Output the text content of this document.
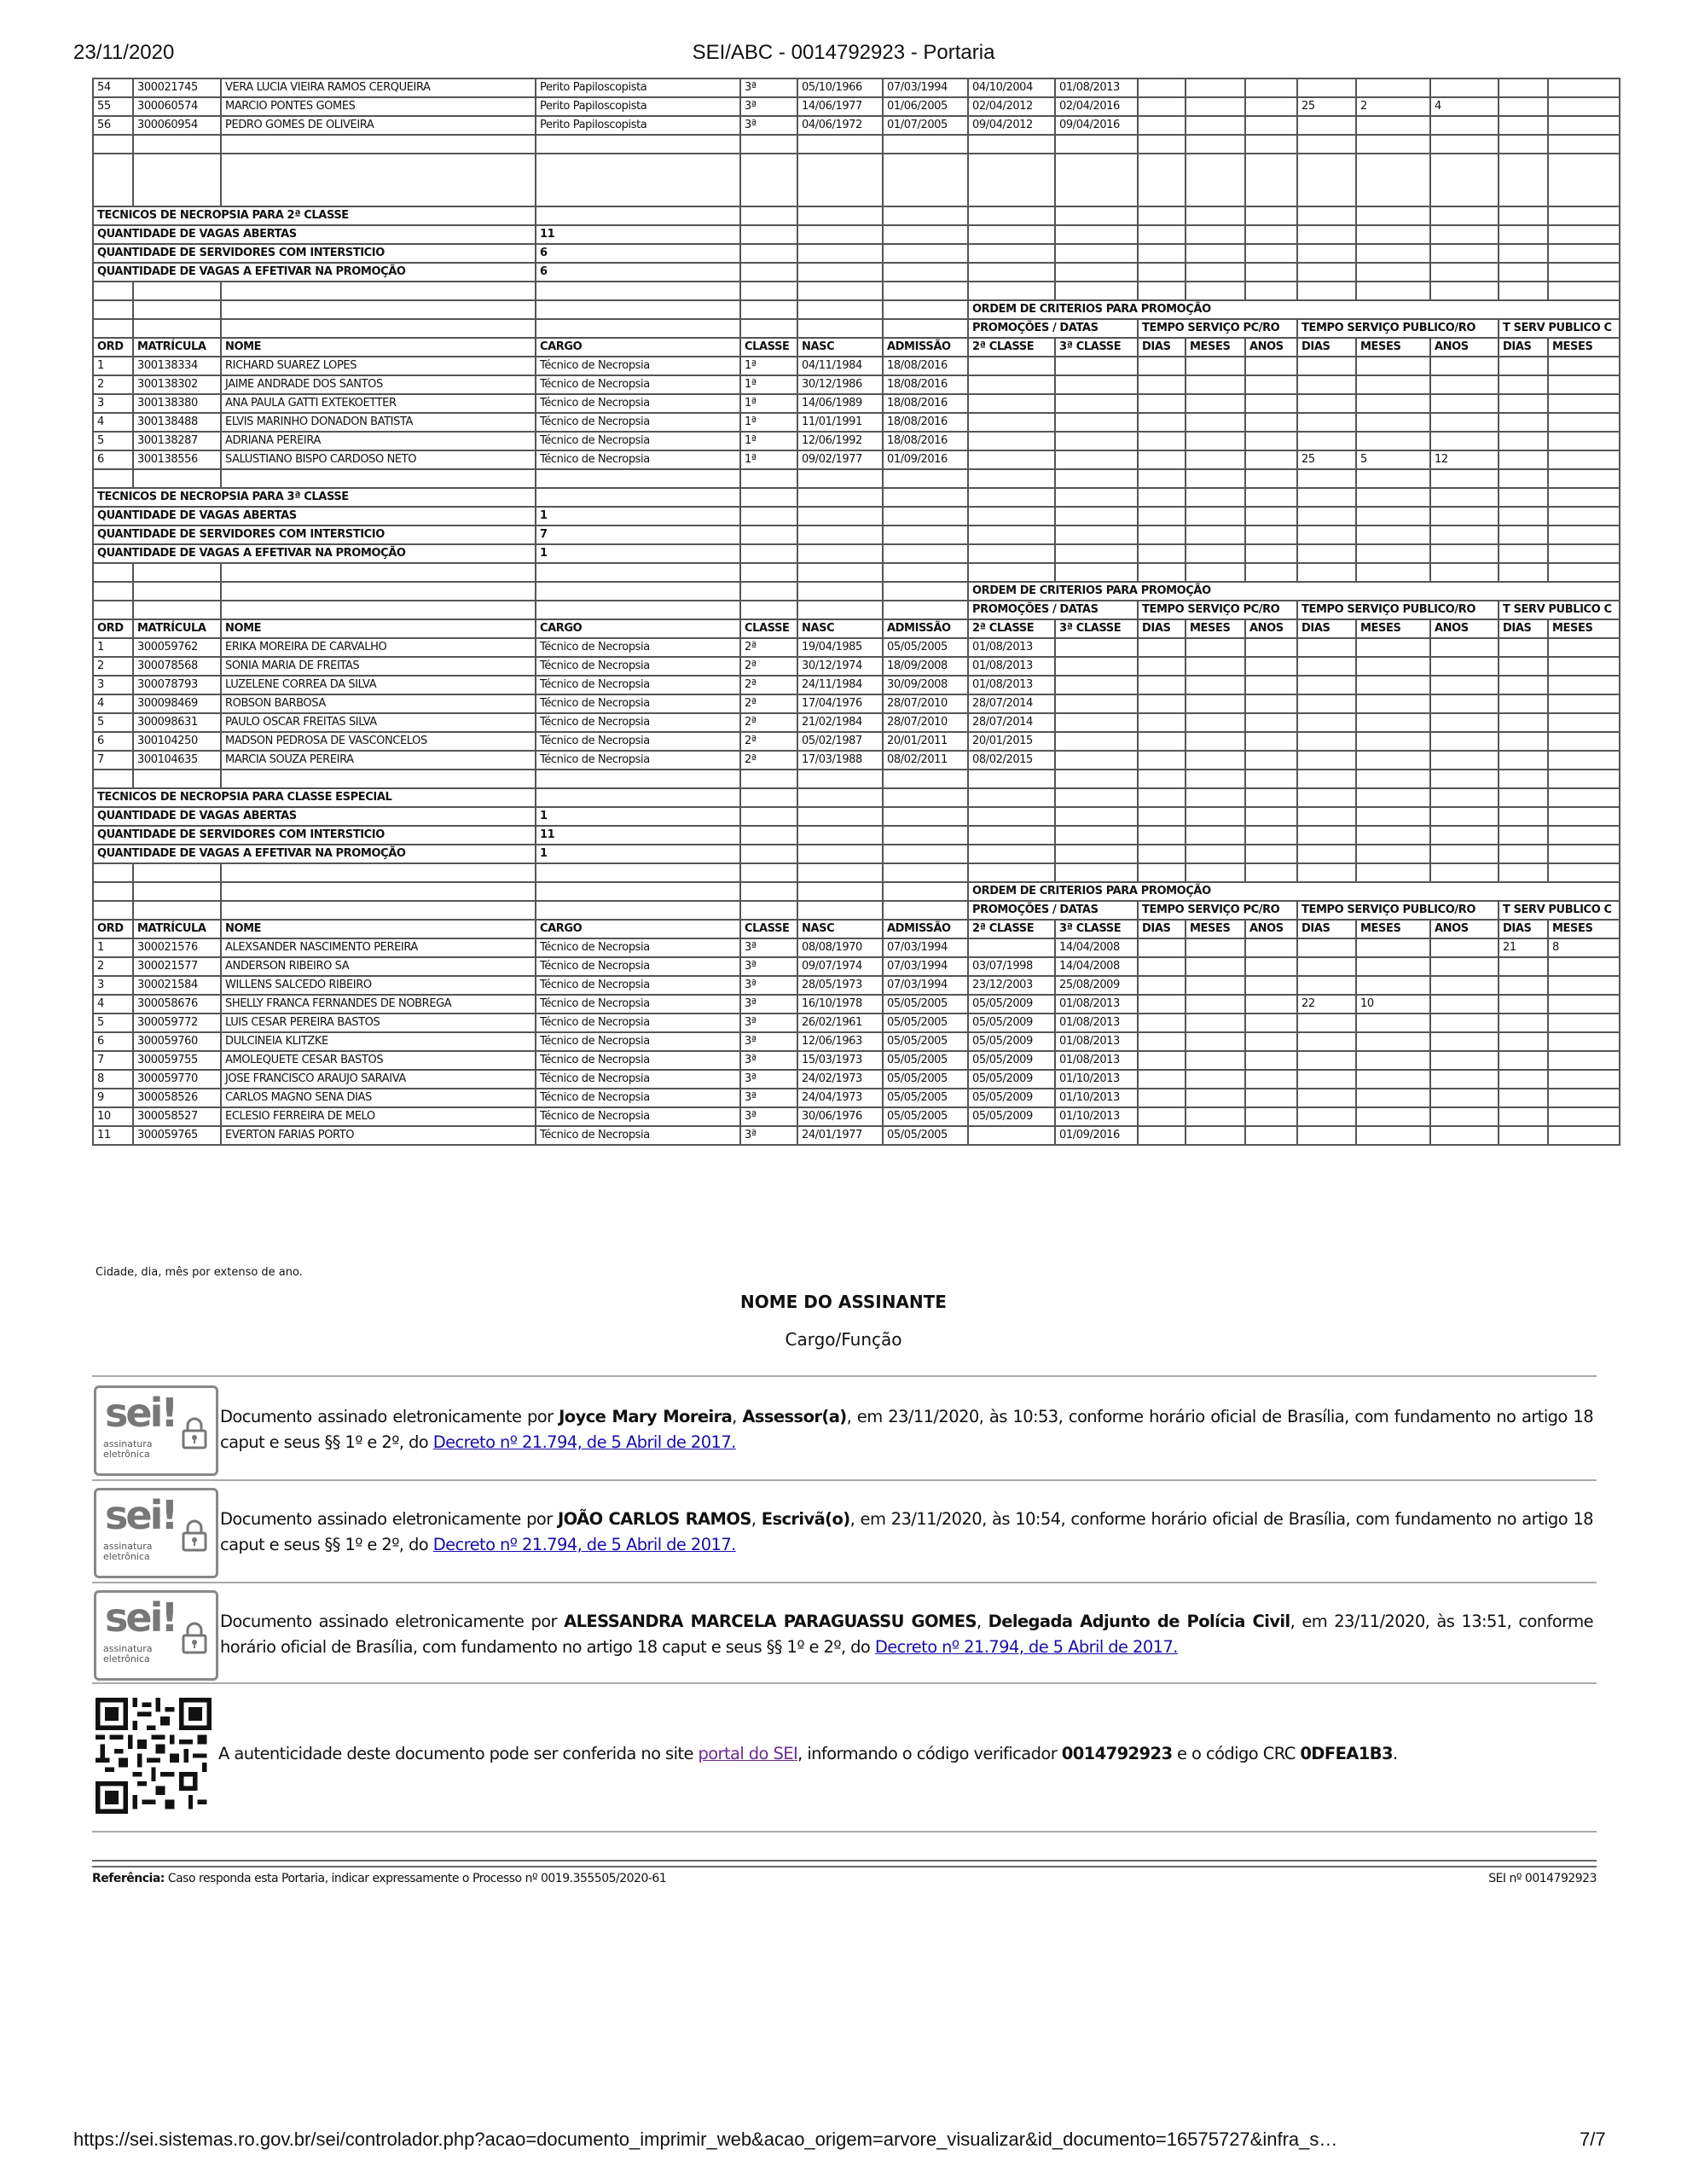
23/11/2020	SEI/ABC - 0014792923 - Portaria
54	300021745	VERA LUCIA VIEIRA RAMOS CERQUEIRA	Perito Papiloscopista	3ª	05/10/1966	07/03/1994	04/10/2004	01/08/2013								
55	300060574	MARCIO PONTES GOMES	Perito Papiloscopista	3ª	14/06/1977	01/06/2005	02/04/2012	02/04/2016				25	2	4		
56	300060954	PEDRO GOMES DE OLIVEIRA	Perito Papiloscopista	3ª	04/06/1972	01/07/2005	09/04/2012	09/04/2016								

TECNICOS DE NECROPSIA PARA 2ª CLASSE																
QUANTIDADE DE VAGAS ABERTAS			11													
QUANTIDADE DE SERVIDORES COM INTERSTICIO			6													
QUANTIDADE DE VAGAS A EFETIVAR NA PROMOÇÃO			6													

							ORDEM DE CRITERIOS PARA PROMOÇÃO									
							PROMOÇÕES / DATAS		TEMPO SERVIÇO PC/RO			TEMPO SERVIÇO PUBLICO/RO			T SERV PUBLICO C	
ORD	MATRÍCULA	NOME	CARGO	CLASSE	NASC	ADMISSÃO	2ª CLASSE	3ª CLASSE	DIAS	MESES	ANOS	DIAS	MESES	ANOS	DIAS	MESES
1	300138334	RICHARD SUAREZ LOPES	Técnico de Necropsia	1ª	04/11/1984	18/08/2016										
2	300138302	JAIME ANDRADE DOS SANTOS	Técnico de Necropsia	1ª	30/12/1986	18/08/2016										
3	300138380	ANA PAULA GATTI EXTEKOETTER	Técnico de Necropsia	1ª	14/06/1989	18/08/2016										
4	300138488	ELVIS MARINHO DONADON BATISTA	Técnico de Necropsia	1ª	11/01/1991	18/08/2016										
5	300138287	ADRIANA PEREIRA	Técnico de Necropsia	1ª	12/06/1992	18/08/2016										
6	300138556	SALUSTIANO BISPO CARDOSO NETO	Técnico de Necropsia	1ª	09/02/1977	01/09/2016						25	5	12		

TECNICOS DE NECROPSIA PARA 3ª CLASSE																
QUANTIDADE DE VAGAS ABERTAS			1													
QUANTIDADE DE SERVIDORES COM INTERSTICIO			7													
QUANTIDADE DE VAGAS A EFETIVAR NA PROMOÇÃO			1													

							ORDEM DE CRITERIOS PARA PROMOÇÃO									
							PROMOÇÕES / DATAS		TEMPO SERVIÇO PC/RO			TEMPO SERVIÇO PUBLICO/RO			T SERV PUBLICO C	
ORD	MATRÍCULA	NOME	CARGO	CLASSE	NASC	ADMISSÃO	2ª CLASSE	3ª CLASSE	DIAS	MESES	ANOS	DIAS	MESES	ANOS	DIAS	MESES
1	300059762	ERIKA MOREIRA DE CARVALHO	Técnico de Necropsia	2ª	19/04/1985	05/05/2005	01/08/2013									
2	300078568	SONIA MARIA DE FREITAS	Técnico de Necropsia	2ª	30/12/1974	18/09/2008	01/08/2013									
3	300078793	LUZELENE CORREA DA SILVA	Técnico de Necropsia	2ª	24/11/1984	30/09/2008	01/08/2013									
4	300098469	ROBSON BARBOSA	Técnico de Necropsia	2ª	17/04/1976	28/07/2010	28/07/2014									
5	300098631	PAULO OSCAR FREITAS SILVA	Técnico de Necropsia	2ª	21/02/1984	28/07/2010	28/07/2014									
6	300104250	MADSON PEDROSA DE VASCONCELOS	Técnico de Necropsia	2ª	05/02/1987	20/01/2011	20/01/2015									
7	300104635	MARCIA SOUZA PEREIRA	Técnico de Necropsia	2ª	17/03/1988	08/02/2011	08/02/2015									

TECNICOS DE NECROPSIA PARA CLASSE ESPECIAL																
QUANTIDADE DE VAGAS ABERTAS			1													
QUANTIDADE DE SERVIDORES COM INTERSTICIO			11													
QUANTIDADE DE VAGAS A EFETIVAR NA PROMOÇÃO			1													

							ORDEM DE CRITERIOS PARA PROMOÇÃO									
							PROMOÇÕES / DATAS		TEMPO SERVIÇO PC/RO			TEMPO SERVIÇO PUBLICO/RO			T SERV PUBLICO C	
ORD	MATRÍCULA	NOME	CARGO	CLASSE	NASC	ADMISSÃO	2ª CLASSE	3ª CLASSE	DIAS	MESES	ANOS	DIAS	MESES	ANOS	DIAS	MESES
1	300021576	ALEXSANDER NASCIMENTO PEREIRA	Técnico de Necropsia	3ª	08/08/1970	07/03/1994		14/04/2008							21	8
2	300021577	ANDERSON RIBEIRO SA	Técnico de Necropsia	3ª	09/07/1974	07/03/1994	03/07/1998	14/04/2008								
3	300021584	WILLENS SALCEDO RIBEIRO	Técnico de Necropsia	3ª	28/05/1973	07/03/1994	23/12/2003	25/08/2009								
4	300058676	SHELLY FRANCA FERNANDES DE NOBREGA	Técnico de Necropsia	3ª	16/10/1978	05/05/2005	05/05/2009	01/08/2013				22	10			
5	300059772	LUIS CESAR PEREIRA BASTOS	Técnico de Necropsia	3ª	26/02/1961	05/05/2005	05/05/2009	01/08/2013								
6	300059760	DULCINEIA KLITZKE	Técnico de Necropsia	3ª	12/06/1963	05/05/2005	05/05/2009	01/08/2013								
7	300059755	AMOLEQUETE CESAR BASTOS	Técnico de Necropsia	3ª	15/03/1973	05/05/2005	05/05/2009	01/08/2013								
8	300059770	JOSE FRANCISCO ARAUJO SARAIVA	Técnico de Necropsia	3ª	24/02/1973	05/05/2005	05/05/2009	01/10/2013								
9	300058526	CARLOS MAGNO SENA DIAS	Técnico de Necropsia	3ª	24/04/1973	05/05/2005	05/05/2009	01/10/2013								
10	300058527	ECLESIO FERREIRA DE MELO	Técnico de Necropsia	3ª	30/06/1976	05/05/2005	05/05/2009	01/10/2013								
11	300059765	EVERTON FARIAS PORTO	Técnico de Necropsia	3ª	24/01/1977	05/05/2005		01/09/2016								
Cidade, dia, mês por extenso de ano.
NOME DO ASSINANTE
Cargo/Função
sei!
assinatura
eletrônica
Documento assinado eletronicamente por Joyce Mary Moreira, Assessor(a), em 23/11/2020, às 10:53, conforme horário oficial de Brasília, com fundamento no artigo 18 caput e seus §§ 1º e 2º, do Decreto nº 21.794, de 5 Abril de 2017.
sei!
assinatura
eletrônica
Documento assinado eletronicamente por JOÃO CARLOS RAMOS, Escrivã(o), em 23/11/2020, às 10:54, conforme horário oficial de Brasília, com fundamento no artigo 18 caput e seus §§ 1º e 2º, do Decreto nº 21.794, de 5 Abril de 2017.
sei!
assinatura
eletrônica
Documento assinado eletronicamente por ALESSANDRA MARCELA PARAGUASSU GOMES, Delegada Adjunto de Polícia Civil, em 23/11/2020, às 13:51, conforme horário oficial de Brasília, com fundamento no artigo 18 caput e seus §§ 1º e 2º, do Decreto nº 21.794, de 5 Abril de 2017.
A autenticidade deste documento pode ser conferida no site portal do SEI, informando o código verificador 0014792923 e o código CRC 0DFEA1B3.
Referência: Caso responda esta Portaria, indicar expressamente o Processo nº 0019.355505/2020-61	SEI nº 0014792923
https://sei.sistemas.ro.gov.br/sei/controlador.php?acao=documento_imprimir_web&acao_origem=arvore_visualizar&id_documento=16575727&infra_s…	7/7
